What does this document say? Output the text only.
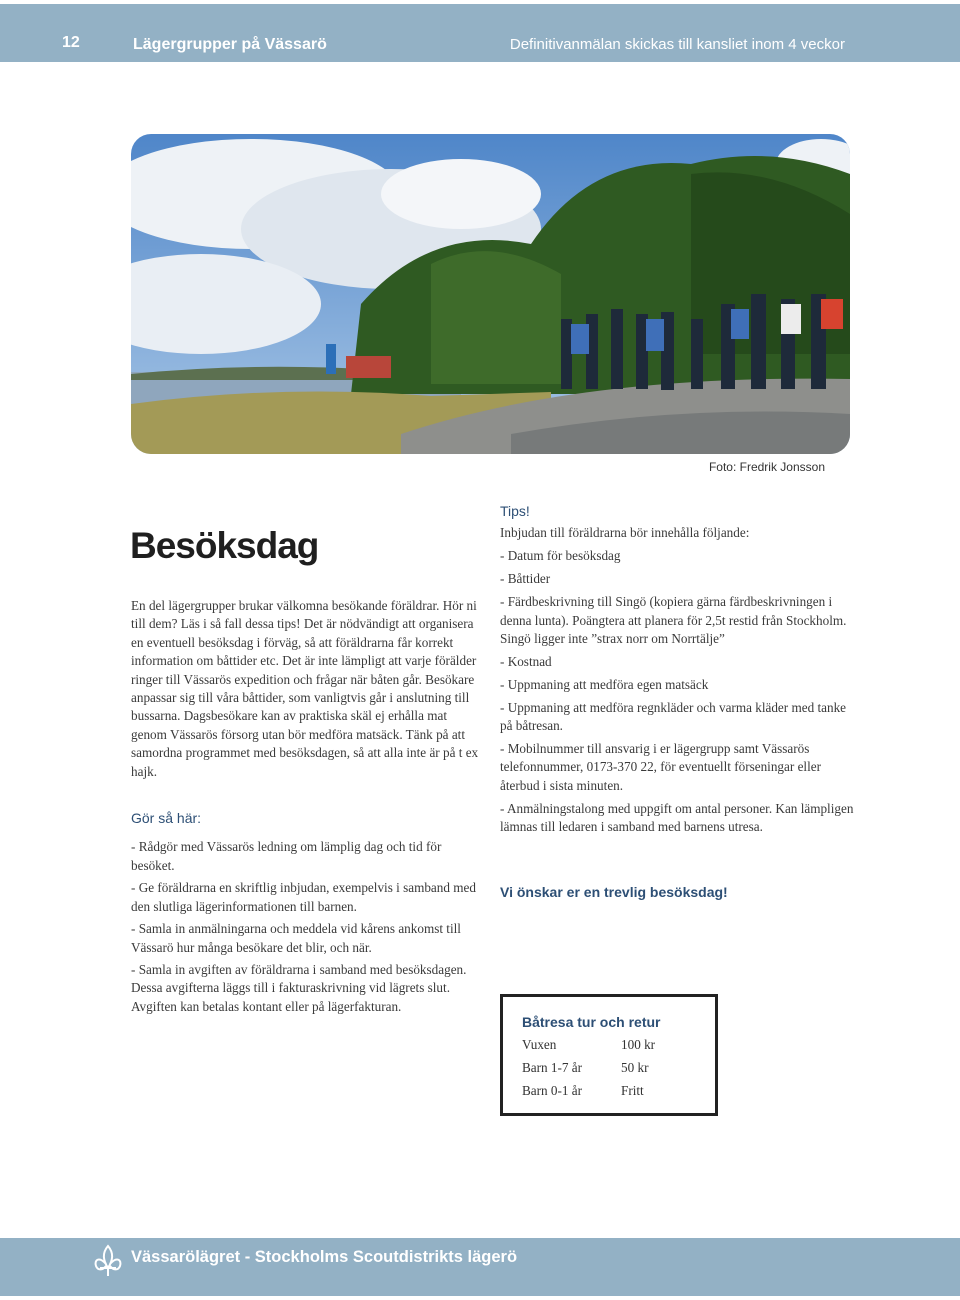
12	Lägergrupper på Vässarö	Definitivanmälan skickas till kansliet inom 4 veckor
Foto: Fredrik Jonsson
Besöksdag

En del lägergrupper brukar välkomna besökande föräldrar. Hör ni till dem? Läs i så fall dessa tips! Det är nödvändigt att organisera en eventuell besöksdag i förväg, så att föräldrarna får korrekt information om båttider etc. Det är inte lämpligt att varje förälder ringer till Vässarös expedition och frågar när båten går. Besökare anpassar sig till våra båttider, som vanligtvis går i anslutning till bussarna. Dagsbesökare kan av praktiska skäl ej erhålla mat genom Vässarös försorg utan bör medföra matsäck. Tänk på att samordna programmet med besöksdagen, så att alla inte är på t ex hajk.

Gör så här:

- Rådgör med Vässarös ledning om lämplig dag och tid för besöket.

- Ge föräldrarna en skriftlig inbjudan, exempelvis i samband med den slutliga lägerinformationen till barnen.

- Samla in anmälningarna och meddela vid kårens ankomst till Vässarö hur många besökare det blir, och när.

- Samla in avgiften av föräldrarna i samband med besöksdagen. Dessa avgifterna läggs till i fakturaskrivning vid lägrets slut. Avgiften kan betalas kontant eller på lägerfakturan.

Tips!
Inbjudan till föräldrarna bör innehålla följande:
- Datum för besöksdag
- Båttider
- Färdbeskrivning till Singö (kopiera gärna färdbeskrivningen i denna lunta). Poängtera att planera för 2,5t restid från Stockholm. Singö ligger inte ”strax norr om Norrtälje”
- Kostnad
- Uppmaning att medföra egen matsäck
- Uppmaning att medföra regnkläder och varma kläder med tanke på båtresan.
- Mobilnummer till ansvarig i er lägergrupp samt Vässarös telefonnummer, 0173-370 22, för eventuellt förseningar eller återbud i sista minuten.
- Anmälningstalong med uppgift om antal personer. Kan lämpligen lämnas till ledaren i samband med barnens utresa.
Vi önskar er en trevlig besöksdag!
Båtresa tur och retur
Vuxen	100 kr
Barn 1-7 år	50 kr
Barn 0-1 år	Fritt
Vässarölägret - Stockholms Scoutdistrikts lägerö
